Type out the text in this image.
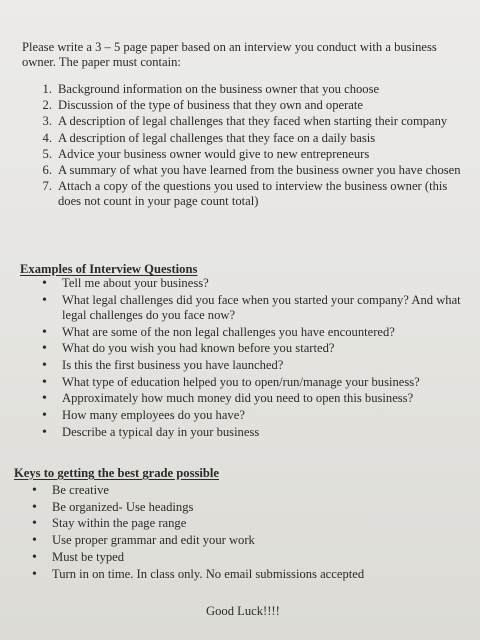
Please write a 3 – 5 page paper based on an interview you conduct with a business owner. The paper must contain:
1. Background information on the business owner that you choose
2. Discussion of the type of business that they own and operate
3. A description of legal challenges that they faced when starting their company
4. A description of legal challenges that they face on a daily basis
5. Advice your business owner would give to new entrepreneurs
6. A summary of what you have learned from the business owner you have chosen
7. Attach a copy of the questions you used to interview the business owner (this does not count in your page count total)
Examples of Interview Questions
•	Tell me about your business?
•	What legal challenges did you face when you started your company? And what legal challenges do you face now?
•	What are some of the non legal challenges you have encountered?
•	What do you wish you had known before you started?
•	Is this the first business you have launched?
•	What type of education helped you to open/run/manage your business?
•	Approximately how much money did you need to open this business?
•	How many employees do you have?
•	Describe a typical day in your business
Keys to getting the best grade possible
•	Be creative
•	Be organized- Use headings
•	Stay within the page range
•	Use proper grammar and edit your work
•	Must be typed
•	Turn in on time. In class only. No email submissions accepted
Good Luck!!!!
